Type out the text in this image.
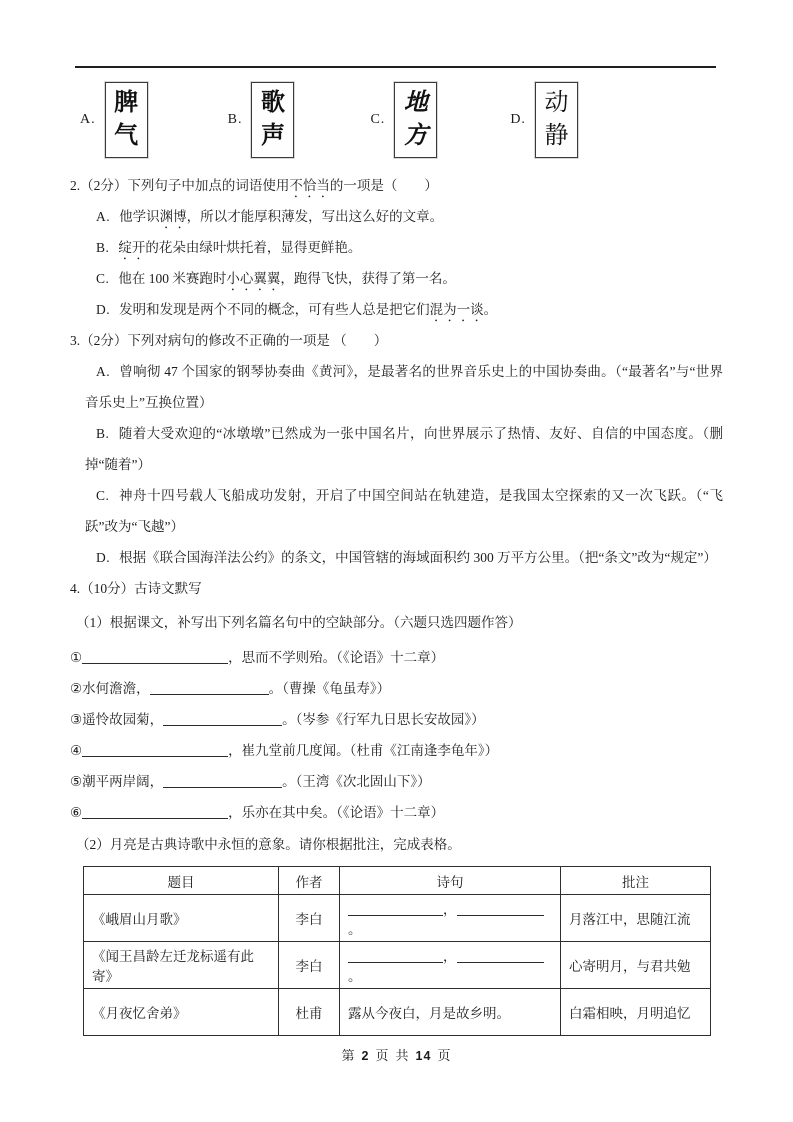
A.
脾
气
B.
歌
声
C.
地
方
D.
动
静

2.（2分）下列句子中加点的词语使用不恰当的一项是（　　）

A. 他学识渊博，所以才能厚积薄发，写出这么好的文章。

B. 绽开的花朵由绿叶烘托着，显得更鲜艳。

C. 他在 100 米赛跑时小心翼翼，跑得飞快，获得了第一名。

D. 发明和发现是两个不同的概念，可有些人总是把它们混为一谈。

3.（2分）下列对病句的修改不正确的一项是 （　　）

A. 曾响彻 47 个国家的钢琴协奏曲《黄河》，是最著名的世界音乐史上的中国协奏曲。（“最著名”与“世界音乐史上”互换位置）

B. 随着大受欢迎的“冰墩墩”已然成为一张中国名片，向世界展示了热情、友好、自信的中国态度。（删掉“随着”）

C. 神舟十四号载人飞船成功发射，开启了中国空间站在轨建造，是我国太空探索的又一次飞跃。（“飞跃”改为“飞越”）

D. 根据《联合国海洋法公约》的条文，中国管辖的海域面积约 300 万平方公里。（把“条文”改为“规定”）

4.（10分）古诗文默写

（1）根据课文，补写出下列名篇名句中的空缺部分。（六题只选四题作答）

①	，思而不学则殆。（《论语》十二章）

②水何澹澹，	。（曹操《龟虽寿》）

③遥怜故园菊，	。（岑参《行军九日思长安故园》）

④	，崔九堂前几度闻。（杜甫《江南逢李龟年》）

⑤潮平两岸阔，	。（王湾《次北固山下》）

⑥	，乐亦在其中矣。（《论语》十二章）

（2）月亮是古典诗歌中永恒的意象。请你根据批注，完成表格。

题目	作者	诗句	批注
《峨眉山月歌》	李白	，。	月落江中，思随江流
《闻王昌龄左迁龙标遥有此寄》	李白	，。	心寄明月，与君共勉
《月夜忆舍弟》	杜甫	露从今夜白，月是故乡明。	白霜相映，月明追忆
第 2 页 共 14 页
